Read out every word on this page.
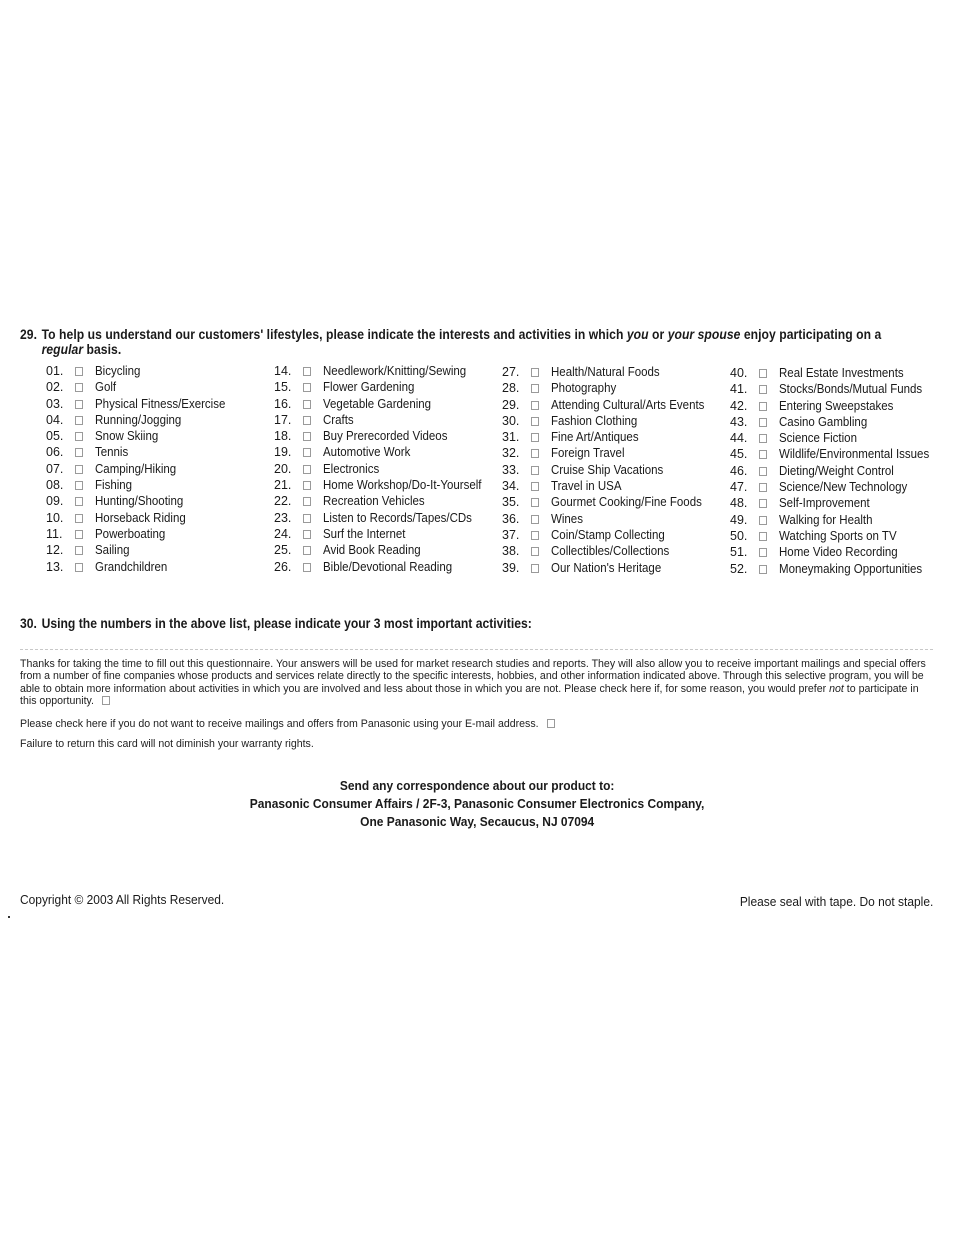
29. To help us understand our customers' lifestyles, please indicate the interests and activities in which you or your spouse enjoy participating on a
regular basis.
01.	Bicycling
02.	Golf
03.	Physical Fitness/Exercise
04.	Running/Jogging
05.	Snow Skiing
06.	Tennis
07.	Camping/Hiking
08.	Fishing
09.	Hunting/Shooting
10.	Horseback Riding
11.	Powerboating
12.	Sailing
13.	Grandchildren
14.	Needlework/Knitting/Sewing
15.	Flower Gardening
16.	Vegetable Gardening
17.	Crafts
18.	Buy Prerecorded Videos
19.	Automotive Work
20.	Electronics
21.	Home Workshop/Do-It-Yourself
22.	Recreation Vehicles
23.	Listen to Records/Tapes/CDs
24.	Surf the Internet
25.	Avid Book Reading
26.	Bible/Devotional Reading
27.	Health/Natural Foods
28.	Photography
29.	Attending Cultural/Arts Events
30.	Fashion Clothing
31.	Fine Art/Antiques
32.	Foreign Travel
33.	Cruise Ship Vacations
34.	Travel in USA
35.	Gourmet Cooking/Fine Foods
36.	Wines
37.	Coin/Stamp Collecting
38.	Collectibles/Collections
39.	Our Nation's Heritage
40.	Real Estate Investments
41.	Stocks/Bonds/Mutual Funds
42.	Entering Sweepstakes
43.	Casino Gambling
44.	Science Fiction
45.	Wildlife/Environmental Issues
46.	Dieting/Weight Control
47.	Science/New Technology
48.	Self-Improvement
49.	Walking for Health
50.	Watching Sports on TV
51.	Home Video Recording
52.	Moneymaking Opportunities
30. Using the numbers in the above list, please indicate your 3 most important activities:
Thanks for taking the time to fill out this questionnaire. Your answers will be used for market research studies and reports. They will also allow you to receive important mailings and special offers from a number of fine companies whose products and services relate directly to the specific interests, hobbies, and other information indicated above. Through this selective program, you will be able to obtain more information about activities in which you are involved and less about those in which you are not. Please check here if, for some reason, you would prefer not to participate in this opportunity.
Please check here if you do not want to receive mailings and offers from Panasonic using your E-mail address.
Failure to return this card will not diminish your warranty rights.
Send any correspondence about our product to:
Panasonic Consumer Affairs / 2F-3, Panasonic Consumer Electronics Company,
One Panasonic Way, Secaucus, NJ 07094
Copyright © 2003 All Rights Reserved.	Please seal with tape. Do not staple.
